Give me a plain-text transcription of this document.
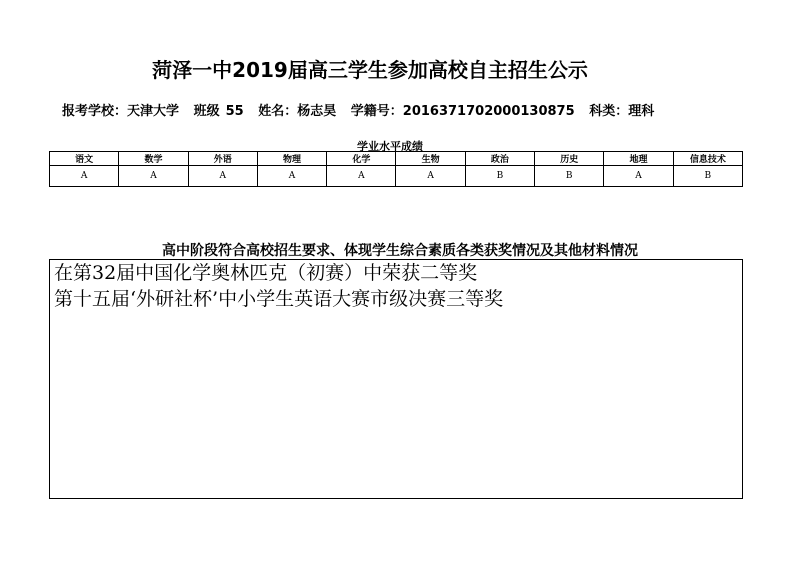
菏泽一中2019届高三学生参加高校自主招生公示
报考学校：天津大学 班级 55 姓名：杨志昊 学籍号：2016371702000130875 科类：理科
学业水平成绩
语文	数学	外语	物理	化学	生物	政治	历史	地理	信息技术
A	A	A	A	A	A	B	B	A	B
高中阶段符合高校招生要求、体现学生综合素质各类获奖情况及其他材料情况
在第32届中国化学奥林匹克（初赛）中荣获二等奖
第十五届‘外研社杯’中小学生英语大赛市级决赛三等奖
